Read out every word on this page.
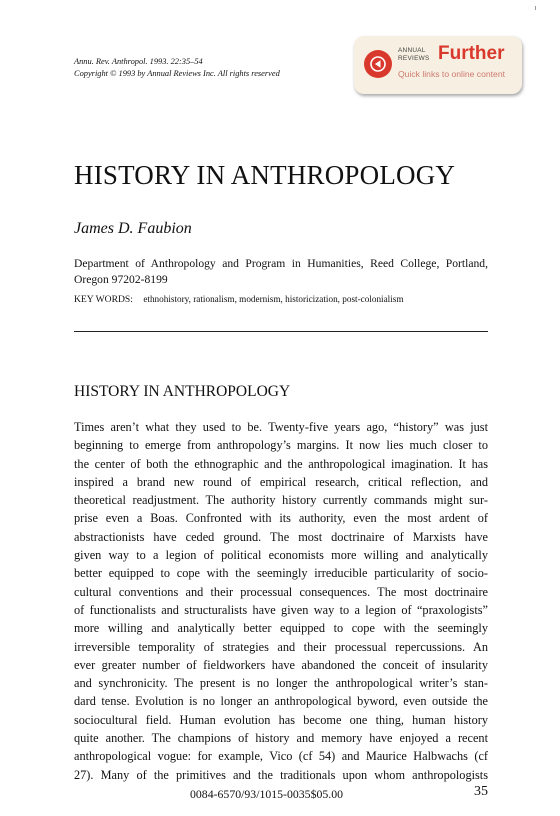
Annu. Rev. Anthropol. 1993. 22:35–54
Copyright © 1993 by Annual Reviews Inc. All rights reserved
ANNUAL
REVIEWS Further
Quick links to online content
HISTORY IN ANTHROPOLOGY
James D. Faubion
Department of Anthropology and Program in Humanities, Reed College, Portland, Oregon 97202-8199
KEY WORDS: ethnohistory, rationalism, modernism, historicization, post-colonialism
HISTORY IN ANTHROPOLOGY
Times aren’t what they used to be. Twenty-five years ago, “history” was just
beginning to emerge from anthropology’s margins. It now lies much closer to
the center of both the ethnographic and the anthropological imagination. It has
inspired a brand new round of empirical research, critical reflection, and
theoretical readjustment. The authority history currently commands might sur-
prise even a Boas. Confronted with its authority, even the most ardent of
abstractionists have ceded ground. The most doctrinaire of Marxists have
given way to a legion of political economists more willing and analytically
better equipped to cope with the seemingly irreducible particularity of socio-
cultural conventions and their processual consequences. The most doctrinaire
of functionalists and structuralists have given way to a legion of “praxologists”
more willing and analytically better equipped to cope with the seemingly
irreversible temporality of strategies and their processual repercussions. An
ever greater number of fieldworkers have abandoned the conceit of insularity
and synchronicity. The present is no longer the anthropological writer’s stan-
dard tense. Evolution is no longer an anthropological byword, even outside the
sociocultural field. Human evolution has become one thing, human history
quite another. The champions of history and memory have enjoyed a recent
anthropological vogue: for example, Vico (cf 54) and Maurice Halbwachs (cf
27). Many of the primitives and the traditionals upon whom anthropologists
0084-6570/93/1015-0035$05.00	35
